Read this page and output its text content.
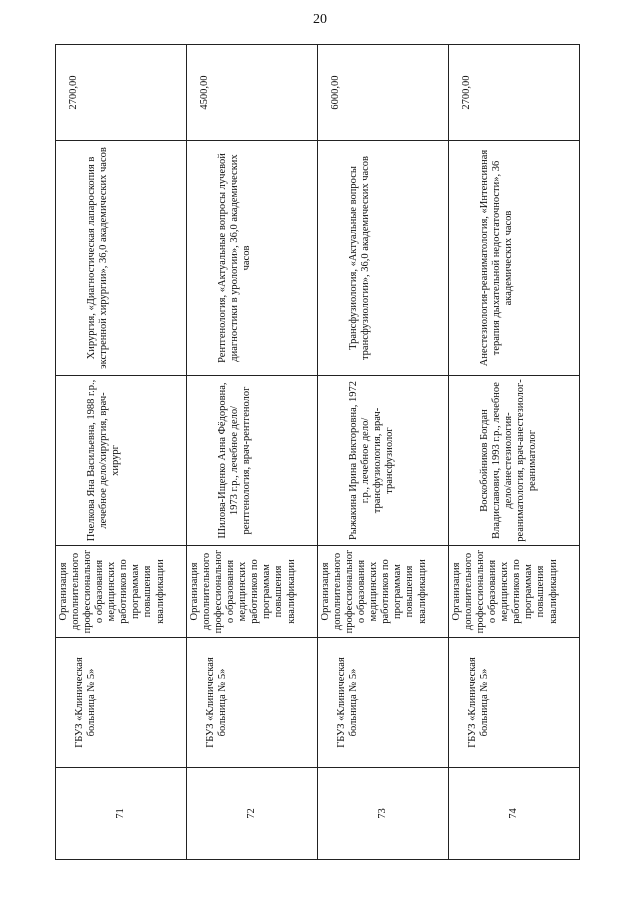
20
71	ГБУЗ «Клиническая больница № 5»	Организация дополнительного профессионального образования медицинских работников по программам повышения квалификации	Пчелкова Яна Васильевна, 1988 г.р., лечебное дело/хирургия, врач-хирург	Хирургия, «Диагностическая лапароскопия в экстренной хирургии», 36,0 академических часов	2700,00
72	ГБУЗ «Клиническая больница № 5»	Организация дополнительного профессионального образования медицинских работников по программам повышения квалификации	Шилова-Ищенко Анна Фёдоровна, 1973 г.р., лечебное дело/рентгенология, врач-рентгенолог	Рентгенология, «Актуальные вопросы лучевой диагностики в урологии», 36,0 академических часов	4500,00
73	ГБУЗ «Клиническая больница № 5»	Организация дополнительного профессионального образования медицинских работников по программам повышения квалификации	Рыжакина Ирина Викторовна, 1972 г.р., лечебное дело/трансфузиология, врач-трансфузиолог	Трансфузиология, «Актуальные вопросы трансфузиологии», 36,0 академических часов	6000,00
74	ГБУЗ «Клиническая больница № 5»	Организация дополнительного профессионального образования медицинских работников по программам повышения квалификации	Воскобойников Богдан Владиславович, 1993 г.р., лечебное дело/анестезиология-реаниматология, врач-анестезиолог-реаниматолог	Анестезиология-реаниматология, «Интенсивная терапия дыхательной недостаточности», 36 академических часов	2700,00
